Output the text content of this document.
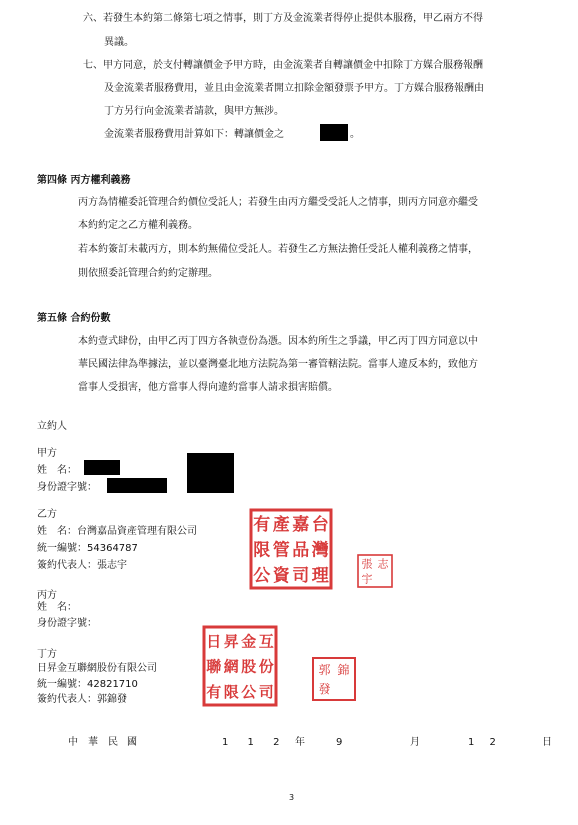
六、若發生本約第二條第七項之情事，則丁方及金流業者得停止提供本服務，甲乙兩方不得
異議。
七、甲方同意，於支付轉讓價金予甲方時，由金流業者自轉讓價金中扣除丁方媒合服務報酬
及金流業者服務費用，並且由金流業者開立扣除金額發票予甲方。丁方媒合服務報酬由
丁方另行向金流業者請款，與甲方無涉。
金流業者服務費用計算如下：轉讓價金之	。
第四條 丙方權利義務
丙方為情權委託管理合約價位受託人；若發生由丙方繼受受託人之情事，則丙方同意亦繼受
本約約定之乙方權利義務。
若本約簽訂未載丙方，則本約無備位受託人。若發生乙方無法擔任受託人權利義務之情事，
則依照委託管理合約約定辦理。
第五條 合約份數
本約壹式肆份，由甲乙丙丁四方各執壹份為憑。因本約所生之爭議，甲乙丙丁四方同意以中
華民國法律為準據法，並以臺灣臺北地方法院為第一審管轄法院。當事人違反本約，致他方
當事人受損害，他方當事人得向違約當事人請求損害賠償。
立約人
甲方
姓　名：
身份證字號：
乙方
姓　名：台灣嘉品資產管理有限公司
統一編號：54364787
簽約代表人：張志宇
丙方
姓　名：
身份證字號：
丁方
日昇金互聯網股份有限公司
統一編號：42821710
簽約代表人：郭錦發
有 產 嘉 台
限 管 品 灣
公 資 司 理
張 志
宇
日 昇 金 互
聯 網 股 份
有 限 公 司
郭 錦
發
中 華 民 國	1 1 2 年	9	月	1 2	日
3
